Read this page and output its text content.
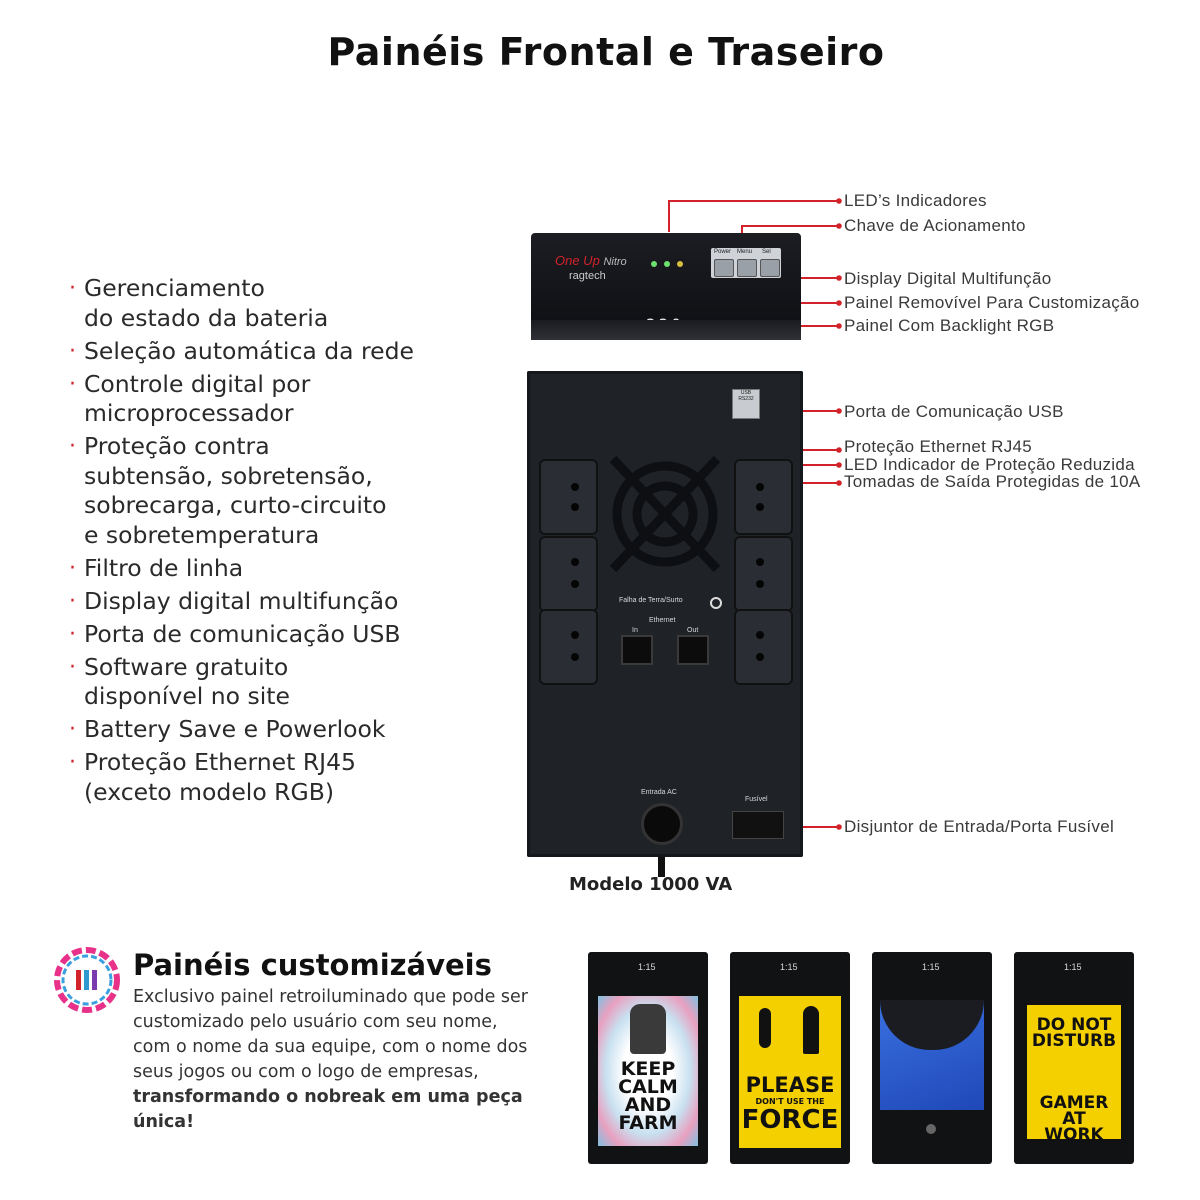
Painéis Frontal e Traseiro
· Gerenciamento
do estado da bateria
· Seleção automática da rede
· Controle digital por
microprocessador
· Proteção contra
subtensão, sobretensão,
sobrecarga, curto-circuito
e sobretemperatura
· Filtro de linha
· Display digital multifunção
· Porta de comunicação USB
· Software gratuito
disponível no site
· Battery Save e Powerlook
· Proteção Ethernet RJ45
(exceto modelo RGB)
LED’s Indicadores
Chave de Acionamento
Display Digital Multifunção
Painel Removível Para Customização
Painel Com Backlight RGB
Porta de Comunicação USB
Proteção Ethernet RJ45
LED Indicador de Proteção Reduzida
Tomadas de Saída Protegidas de 10A
Disjuntor de Entrada/Porta Fusível
One Up Nitro
ragtech
Power Menu Sel
USB RS232
Falha de Terra/Surto
Ethernet
In	Out
Entrada AC
Fusível
Modelo 1000 VA
Painéis customizáveis
Exclusivo painel retroiluminado que pode ser customizado pelo usuário com seu nome, com o nome da sua equipe, com o nome dos seus jogos ou com o logo de empresas, transformando o nobreak em uma peça única!
1:15
KEEP CALM AND FARM
1:15
PLEASE
DON'T USE THE
FORCE
1:15	1:15
DO NOT DISTURB
GAMER AT WORK
